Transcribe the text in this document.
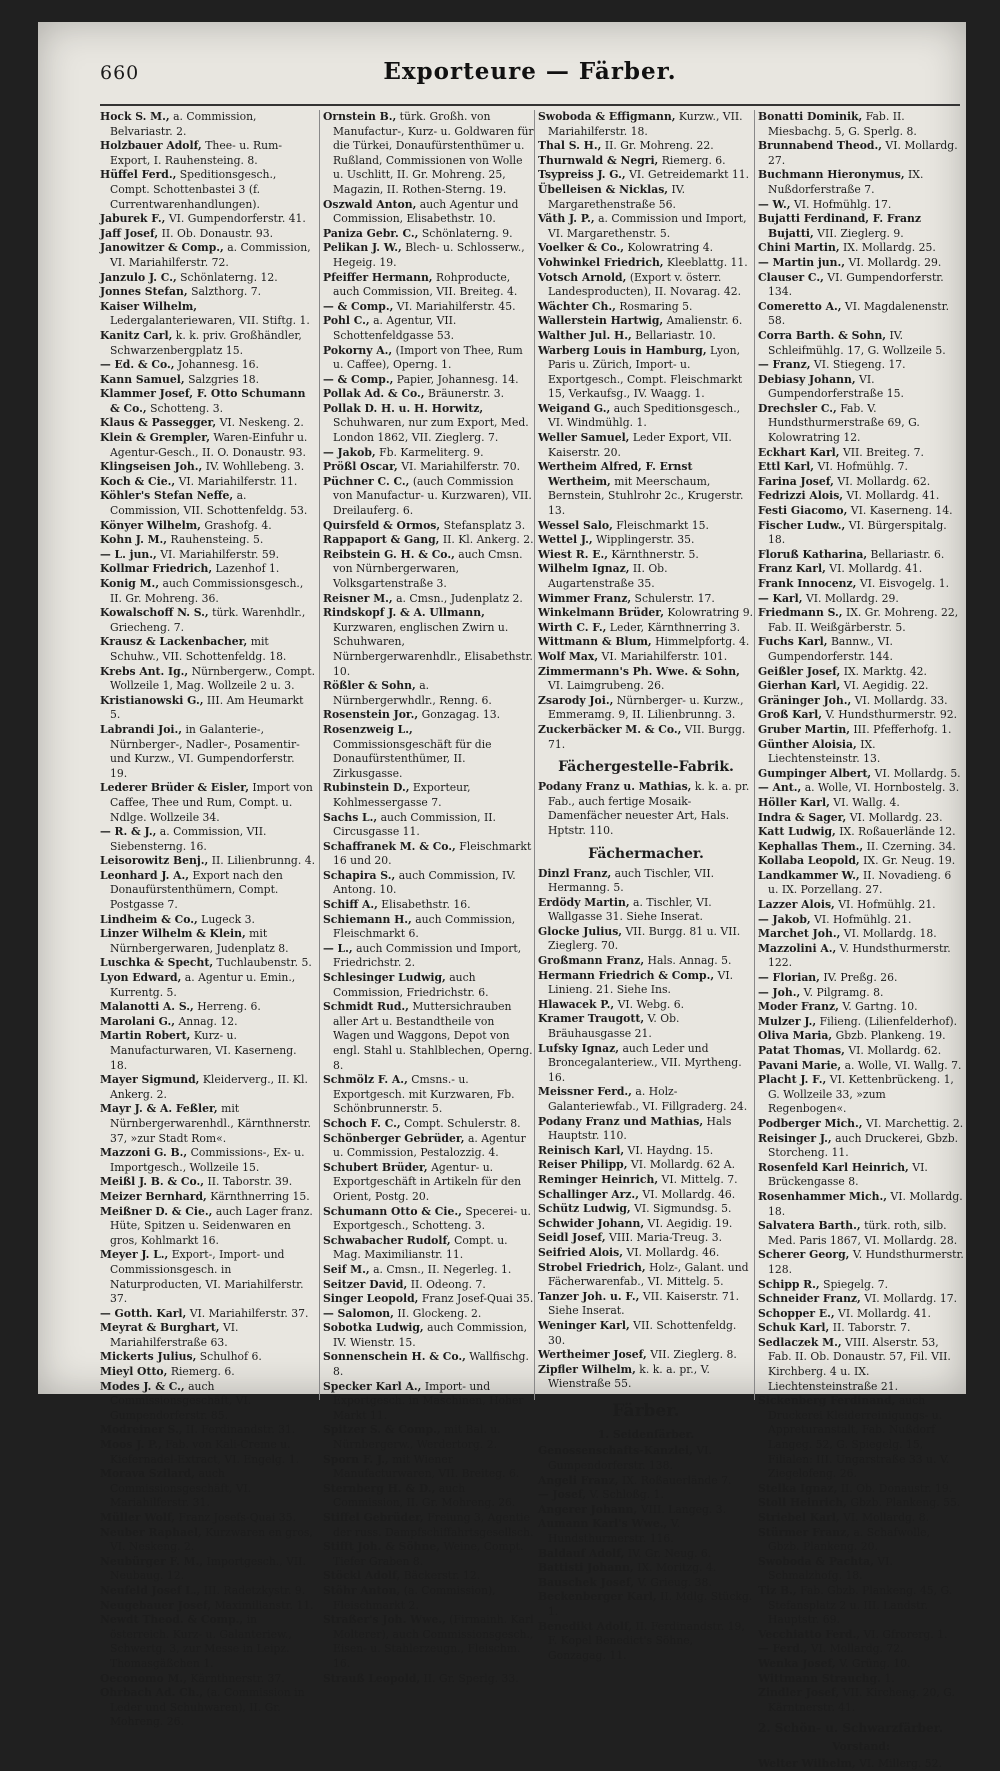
660	Exporteure — Färber.

Hock S. M., a. Commission, Belvariastr. 2.

Holzbauer Adolf, Thee- u. Rum-Export, I. Rauhensteing. 8.

Hüffel Ferd., Speditionsgesch., Compt. Schottenbastei 3 (f. Currentwarenhandlungen).

Jaburek F., VI. Gumpendorferstr. 41.

Jaff Josef, II. Ob. Donaustr. 93.

Janowitzer & Comp., a. Commission, VI. Mariahilferstr. 72.

Janzulo J. C., Schönlaterng. 12.

Jonnes Stefan, Salzthorg. 7.

Kaiser Wilhelm, Ledergalanteriewaren, VII. Stiftg. 1.

Kanitz Carl, k. k. priv. Großhändler, Schwarzenbergplatz 15.

— Ed. & Co., Johannesg. 16.

Kann Samuel, Salzgries 18.

Klammer Josef, F. Otto Schumann & Co., Schotteng. 3.

Klaus & Passegger, VI. Neskeng. 2.

Klein & Grempler, Waren-Einfuhr u. Agentur-Gesch., II. O. Donaustr. 93.

Klingseisen Joh., IV. Wohllebeng. 3.

Koch & Cie., VI. Mariahilferstr. 11.

Köhler's Stefan Neffe, a. Commission, VII. Schottenfeldg. 53.

Könyer Wilhelm, Grashofg. 4.

Kohn J. M., Rauhensteing. 5.

— L. jun., VI. Mariahilferstr. 59.

Kollmar Friedrich, Lazenhof 1.

Konig M., auch Commissionsgesch., II. Gr. Mohreng. 36.

Kowalschoff N. S., türk. Warenhdlr., Griecheng. 7.

Krausz & Lackenbacher, mit Schuhw., VII. Schottenfeldg. 18.

Krebs Ant. Ig., Nürnbergerw., Compt. Wollzeile 1, Mag. Wollzeile 2 u. 3.

Kristianowski G., III. Am Heumarkt 5.

Labrandi Joi., in Galanterie-, Nürnberger-, Nadler-, Posamentir- und Kurzw., VI. Gumpendorferstr. 19.

Lederer Brüder & Eisler, Import von Caffee, Thee und Rum, Compt. u. Ndlge. Wollzeile 34.

— R. & J., a. Commission, VII. Siebensterng. 16.

Leisorowitz Benj., II. Lilienbrunng. 4.

Leonhard J. A., Export nach den Donaufürstenthümern, Compt. Postgasse 7.

Lindheim & Co., Lugeck 3.

Linzer Wilhelm & Klein, mit Nürnbergerwaren, Judenplatz 8.

Luschka & Specht, Tuchlaubenstr. 5.

Lyon Edward, a. Agentur u. Emin., Kurrentg. 5.

Malanotti A. S., Herreng. 6.

Marolani G., Annag. 12.

Martin Robert, Kurz- u. Manufacturwaren, VI. Kaserneng. 18.

Mayer Sigmund, Kleiderverg., II. Kl. Ankerg. 2.

Mayr J. & A. Feßler, mit Nürnbergerwarenhdl., Kärnthnerstr. 37, »zur Stadt Rom«.

Mazzoni G. B., Commissions-, Ex- u. Importgesch., Wollzeile 15.

Meißl J. B. & Co., II. Taborstr. 39.

Meizer Bernhard, Kärnthnerring 15.

Meißner D. & Cie., auch Lager franz. Hüte, Spitzen u. Seidenwaren en gros, Kohlmarkt 16.

Meyer J. L., Export-, Import- und Commissionsgesch. in Naturproducten, VI. Mariahilferstr. 37.

— Gotth. Karl, VI. Mariahilferstr. 37.

Meyrat & Burghart, VI. Mariahilferstraße 63.

Mickerts Julius, Schulhof 6.

Mieyl Otto, Riemerg. 6.

Modes J. & C., auch Commissionsgeschäft, VI. Gumpendorferstr. 85.

Modreiner S., II. Ferdinandstr. 31.

Moos J. P., Fab. von Kali-Creme u. Kiefernadel-Extract, VI. Engelg. 1.

Morava Szilard, auch Commissionsgeschäft, VI. Mariahilferstr. 31.

Müller Wolf, Franz Josefs-Quai 35.

Neuber Raphael, Kurzwaren en gros, VI. Neskeng. 2.

Neubürger F. M., Importgesch., VII. Neubaug. 12.

Neufeld Josef L., III. Radetzkystr. 9.

Neugebauer Josef, Maximilianstr. 11.

Newdt Theod. & Comp., in österreich. Kurz- u. Galanteriew., Schwertg. 3, zur Messe in Leipz. Thomasgäßchen 1.

Oeconomo M., Kärnthnerstr. 37.

Ohrbach Ad. Ch., (a. Commission in Leder und Schuhwaren), II. Gr. Mohreng. 26.

Ornstein B., türk. Großh. von Manufactur-, Kurz- u. Goldwaren für die Türkei, Donaufürstenthümer u. Rußland, Commissionen von Wolle u. Uschlitt, II. Gr. Mohreng. 25, Magazin, II. Rothen-Sterng. 19.

Oszwald Anton, auch Agentur und Commission, Elisabethstr. 10.

Paniza Gebr. C., Schönlaterng. 9.

Pelikan J. W., Blech- u. Schlosserw., Hegeig. 19.

Pfeiffer Hermann, Rohproducte, auch Commission, VII. Breiteg. 4.

— & Comp., VI. Mariahilferstr. 45.

Pohl C., a. Agentur, VII. Schottenfeldgasse 53.

Pokorny A., (Import von Thee, Rum u. Caffee), Operng. 1.

— & Comp., Papier, Johannesg. 14.

Pollak Ad. & Co., Bräunerstr. 3.

Pollak D. H. u. H. Horwitz, Schuhwaren, nur zum Export, Med. London 1862, VII. Zieglerg. 7.

— Jakob, Fb. Karmeliterg. 9.

Prößl Oscar, VI. Mariahilferstr. 70.

Püchner C. C., (auch Commission von Manufactur- u. Kurzwaren), VII. Dreilauferg. 6.

Quirsfeld & Ormos, Stefansplatz 3.

Rappaport & Gang, II. Kl. Ankerg. 2.

Reibstein G. H. & Co., auch Cmsn. von Nürnbergerwaren, Volksgartenstraße 3.

Reisner M., a. Cmsn., Judenplatz 2.

Rindskopf J. & A. Ullmann, Kurzwaren, englischen Zwirn u. Schuhwaren, Nürnbergerwarenhdlr., Elisabethstr. 10.

Rößler & Sohn, a. Nürnbergerwhdlr., Renng. 6.

Rosenstein Jor., Gonzagag. 13.

Rosenzweig L., Commissionsgeschäft für die Donaufürstenthümer, II. Zirkusgasse.

Rubinstein D., Exporteur, Kohlmessergasse 7.

Sachs L., auch Commission, II. Circusgasse 11.

Schaffranek M. & Co., Fleischmarkt 16 und 20.

Schapira S., auch Commission, IV. Antong. 10.

Schiff A., Elisabethstr. 16.

Schiemann H., auch Commission, Fleischmarkt 6.

— L., auch Commission und Import, Friedrichstr. 2.

Schlesinger Ludwig, auch Commission, Friedrichstr. 6.

Schmidt Rud., Muttersichrauben aller Art u. Bestandtheile von Wagen und Waggons, Depot von engl. Stahl u. Stahlblechen, Operng. 8.

Schmölz F. A., Cmsns.- u. Exportgesch. mit Kurzwaren, Fb. Schönbrunnerstr. 5.

Schoch F. C., Compt. Schulerstr. 8.

Schönberger Gebrüder, a. Agentur u. Commission, Pestalozzig. 4.

Schubert Brüder, Agentur- u. Exportgeschäft in Artikeln für den Orient, Postg. 20.

Schumann Otto & Cie., Specerei- u. Exportgesch., Schotteng. 3.

Schwabacher Rudolf, Compt. u. Mag. Maximilianstr. 11.

Seif M., a. Cmsn., II. Negerleg. 1.

Seitzer David, II. Odeong. 7.

Singer Leopold, Franz Josef-Quai 35.

— Salomon, II. Glockeng. 2.

Sobotka Ludwig, auch Commission, IV. Wienstr. 15.

Sonnenschein H. & Co., Wallfischg. 8.

Specker Karl A., Import- und Exportgesch. in Maschinen, Hoher Markt 11.

Spitzer S. & Comp., mit Bal. u. Nürnbergerw., Werdertorg. 2.

Sporn F. J., mit Wiener Manufacturwaren, VII. Breiteg. 6.

Sternberg H. & D., auch Commission, II. Gr. Mohreng. 26.

Stiffel Gebrüder, Freiung 3, Agentie der russ. Dampfschiffahrtsgesellsch.

Stifft Joh. & Söhne, Weine, Compt. Tiefer Graben 8.

Stöckl Adolf, Bäckerstr. 12.

Stöhr Anton, (a. Commission), Fleischmarkt 2.

Straßer's Joh. Wwe., (Firmainh. Karl Molterer), auch Commissionsgesch., Eisen- u. Stahlerzeugn., Fleischm. 16.

Strauß Leopold, II. Gr. Sperlg. 33.

Swoboda & Effigmann, Kurzw., VII. Mariahilferstr. 18.

Thal S. H., II. Gr. Mohreng. 22.

Thurnwald & Negri, Riemerg. 6.

Tsypreiss J. G., VI. Getreidemarkt 11.

Übelleisen & Nicklas, IV. Margarethenstraße 56.

Väth J. P., a. Commission und Import, VI. Margarethenstr. 5.

Voelker & Co., Kolowratring 4.

Vohwinkel Friedrich, Kleeblattg. 11.

Votsch Arnold, (Export v. österr. Landesproducten), II. Novarag. 42.

Wächter Ch., Rosmaring 5.

Wallerstein Hartwig, Amalienstr. 6.

Walther Jul. H., Bellariastr. 10.

Warberg Louis in Hamburg, Lyon, Paris u. Zürich, Import- u. Exportgesch., Compt. Fleischmarkt 15, Verkaufsg., IV. Waagg. 1.

Weigand G., auch Speditionsgesch., VI. Windmühlg. 1.

Weller Samuel, Leder Export, VII. Kaiserstr. 20.

Wertheim Alfred, F. Ernst Wertheim, mit Meerschaum, Bernstein, Stuhlrohr 2c., Krugerstr. 13.

Wessel Salo, Fleischmarkt 15.

Wettel J., Wipplingerstr. 35.

Wiest R. E., Kärnthnerstr. 5.

Wilhelm Ignaz, II. Ob. Augartenstraße 35.

Wimmer Franz, Schulerstr. 17.

Winkelmann Brüder, Kolowratring 9.

Wirth C. F., Leder, Kärnthnerring 3.

Wittmann & Blum, Himmelpfortg. 4.

Wolf Max, VI. Mariahilferstr. 101.

Zimmermann's Ph. Wwe. & Sohn, VI. Laimgrubeng. 26.

Zsarody Joi., Nürnberger- u. Kurzw., Emmeramg. 9, II. Lilienbrunng. 3.

Zuckerbäcker M. & Co., VII. Burgg. 71.

Fächergestelle-Fabrik.

Podany Franz u. Mathias, k. k. a. pr. Fab., auch fertige Mosaik-Damenfächer neuester Art, Hals. Hptstr. 110.

Fächermacher.

Dinzl Franz, auch Tischler, VII. Hermanng. 5.

Erdödy Martin, a. Tischler, VI. Wallgasse 31. Siehe Inserat.

Glocke Julius, VII. Burgg. 81 u. VII. Zieglerg. 70.

Großmann Franz, Hals. Annag. 5.

Hermann Friedrich & Comp., VI. Linieng. 21. Siehe Ins.

Hlawacek P., VI. Webg. 6.

Kramer Traugott, V. Ob. Bräuhausgasse 21.

Lufsky Ignaz, auch Leder und Broncegalanteriew., VII. Myrtheng. 16.

Meissner Ferd., a. Holz-Galanteriewfab., VI. Fillgraderg. 24.

Podany Franz und Mathias, Hals Hauptstr. 110.

Reinisch Karl, VI. Haydng. 15.

Reiser Philipp, VI. Mollardg. 62 A.

Reminger Heinrich, VI. Mittelg. 7.

Schallinger Arz., VI. Mollardg. 46.

Schütz Ludwig, VI. Sigmundsg. 5.

Schwider Johann, VI. Aegidig. 19.

Seidl Josef, VIII. Maria-Treug. 3.

Seifried Alois, VI. Mollardg. 46.

Strobel Friedrich, Holz-, Galant. und Fächerwarenfab., VI. Mittelg. 5.

Tanzer Joh. u. F., VII. Kaiserstr. 71. Siehe Inserat.

Weninger Karl, VII. Schottenfeldg. 30.

Wertheimer Josef, VII. Zieglerg. 8.

Zipfler Wilhelm, k. k. a. pr., V. Wienstraße 55.

Färber.
1. Seidenfärber.

Genossenschafts-Kanzlei, VI. Gumpendorferstr. 138.

Angeli Franz, IX. Roßauerlände 7.

— Josef, V. Schloßg. 1.

Angerer Johann, VIII. Langeg. 3.

Aumann Karl's Wwe., V. Hundsthurmerstr. 116.

Baldauf Adolf, IV. Gr. Neug. 6.

Battisti Johann, IX. Moritzg. 4.

Bauschek Josef, V. Grieug. 38.

Beckenberger Karl, II. Mdlg. Stückg. 1.

Benedikt Adolf, II. Ferdinandstr. 19, F. Kopel Benedict's Söhne, Gonzagag. 11.

Bonatti Dominik, Fab. II. Miesbachg. 5, G. Sperlg. 8.

Brunnabend Theod., VI. Mollardg. 27.

Buchmann Hieronymus, IX. Nußdorferstraße 7.

— W., VI. Hofmühlg. 17.

Bujatti Ferdinand, F. Franz Bujatti, VII. Zieglerg. 9.

Chini Martin, IX. Mollardg. 25.

— Martin jun., VI. Mollardg. 29.

Clauser C., VI. Gumpendorferstr. 134.

Comeretto A., VI. Magdalenenstr. 58.

Corra Barth. & Sohn, IV. Schleifmühlg. 17, G. Wollzeile 5.

— Franz, VI. Stiegeng. 17.

Debiasy Johann, VI. Gumpendorferstraße 15.

Drechsler C., Fab. V. Hundsthurmerstraße 69, G. Kolowratring 12.

Eckhart Karl, VII. Breiteg. 7.

Ettl Karl, VI. Hofmühlg. 7.

Farina Josef, VI. Mollardg. 62.

Fedrizzi Alois, VI. Mollardg. 41.

Festi Giacomo, VI. Kaserneng. 14.

Fischer Ludw., VI. Bürgerspitalg. 18.

Floruß Katharina, Bellariastr. 6.

Franz Karl, VI. Mollardg. 41.

Frank Innocenz, VI. Eisvogelg. 1.

— Karl, VI. Mollardg. 29.

Friedmann S., IX. Gr. Mohreng. 22, Fab. II. Weißgärberstr. 5.

Fuchs Karl, Bannw., VI. Gumpendorferstr. 144.

Geißler Josef, IX. Marktg. 42.

Gierhan Karl, VI. Aegidig. 22.

Gräninger Joh., VI. Mollardg. 33.

Groß Karl, V. Hundsthurmerstr. 92.

Gruber Martin, III. Pfefferhofg. 1.

Günther Aloisia, IX. Liechtensteinstr. 13.

Gumpinger Albert, VI. Mollardg. 5.

— Ant., a. Wolle, VI. Hornbostelg. 3.

Höller Karl, VI. Wallg. 4.

Indra & Sager, VI. Mollardg. 23.

Katt Ludwig, IX. Roßauerlände 12.

Kephallas Them., II. Czerning. 34.

Kollaba Leopold, IX. Gr. Neug. 19.

Landkammer W., II. Novadieng. 6 u. IX. Porzellang. 27.

Lazzer Alois, VI. Hofmühlg. 21.

— Jakob, VI. Hofmühlg. 21.

Marchet Joh., VI. Mollardg. 18.

Mazzolini A., V. Hundsthurmerstr. 122.

— Florian, IV. Preßg. 26.

— Joh., V. Pilgramg. 8.

Moder Franz, V. Gartng. 10.

Mulzer J., Filieng. (Lilienfelderhof).

Oliva Maria, Gbzb. Plankeng. 19.

Patat Thomas, VI. Mollardg. 62.

Pavani Marie, a. Wolle, VI. Wallg. 7.

Placht J. F., VI. Kettenbrückeng. 1, G. Wollzeile 33, »zum Regenbogen«.

Podberger Mich., VI. Marchettig. 2.

Reisinger J., auch Druckerei, Gbzb. Storcheng. 11.

Rosenfeld Karl Heinrich, VI. Brückengasse 8.

Rosenhammer Mich., VI. Mollardg. 18.

Salvatera Barth., türk. roth, silb. Med. Paris 1867, VI. Mollardg. 28.

Scherer Georg, V. Hundsthurmerstr. 128.

Schipp R., Spiegelg. 7.

Schneider Franz, VI. Mollardg. 17.

Schopper E., VI. Mollardg. 41.

Schuk Karl, II. Taborstr. 7.

Sedlaczek M., VIII. Alserstr. 53, Fab. II. Ob. Donaustr. 57, Fil. VII. Kirchberg. 4 u. IX. Liechtensteinstraße 21.

Sickenberg Ferdinand, auch Druckerei Kleiderreinigungs- u. Appreturanstalt, Fab. Nußdorf Langeg. 52, G. Spiegelg. 15, Filialen: III. Ungarstraße 33 u. V. Ziegelofeng. 26.

Stelka Ignaz, II. Ob. Donaustr. 19.

Stoll Heinrich, Gbzb. Plankeng. 55.

Striebel Karl, VI. Mollardg. 8.

Stürmer Franz, a. Schafwolle, Gbzb. Plankeng. 20.

Swoboda & Pachta, VI. Schmalzhofg. 18.

Tiz B., Fab. Gbzb. Plankeng. 45, G. Stefansplatz 2 u. III. Landstr. Hauptstr. 69.

Vecchiatto Ferd., VI. Gfrorerg. 1.

— Ferd., VI. Mollardg. 72.

Wenka Josef, V. Grüng. 10.

Wittmann Strauchg. 1.

Zindler Josef, VII. Kircheng. 20, G. Kärntnerstr. 41.

2. Schön- u. Schwarzfärber.
Vorstand:

Welter Wilhelm, VI. Millerg. 52.
